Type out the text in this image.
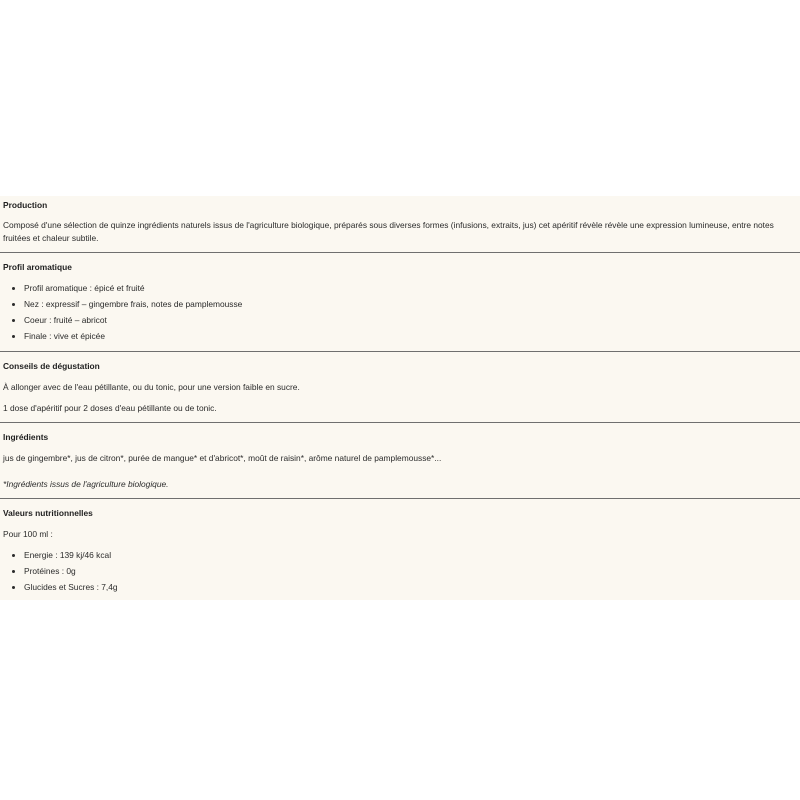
Production

Composé d'une sélection de quinze ingrédients naturels issus de l'agriculture biologique, préparés sous diverses formes (infusions, extraits, jus) cet apéritif révèle révèle une expression lumineuse, entre notes fruitées et chaleur subtile.

Profil aromatique
Profil aromatique : épicé et fruité
Nez : expressif – gingembre frais, notes de pamplemousse
Coeur : fruité – abricot
Finale : vive et épicée
Conseils de dégustation

À allonger avec de l'eau pétillante, ou du tonic, pour une version faible en sucre.

1 dose d'apéritif pour 2 doses d'eau pétillante ou de tonic.

Ingrédients

jus de gingembre*, jus de citron*, purée de mangue* et d'abricot*, moût de raisin*, arôme naturel de pamplemousse*...

*Ingrédients issus de l'agriculture biologique.

Valeurs nutritionnelles

Pour 100 ml :

Energie : 139 kj/46 kcal
Protéines : 0g
Glucides et Sucres : 7,4g
